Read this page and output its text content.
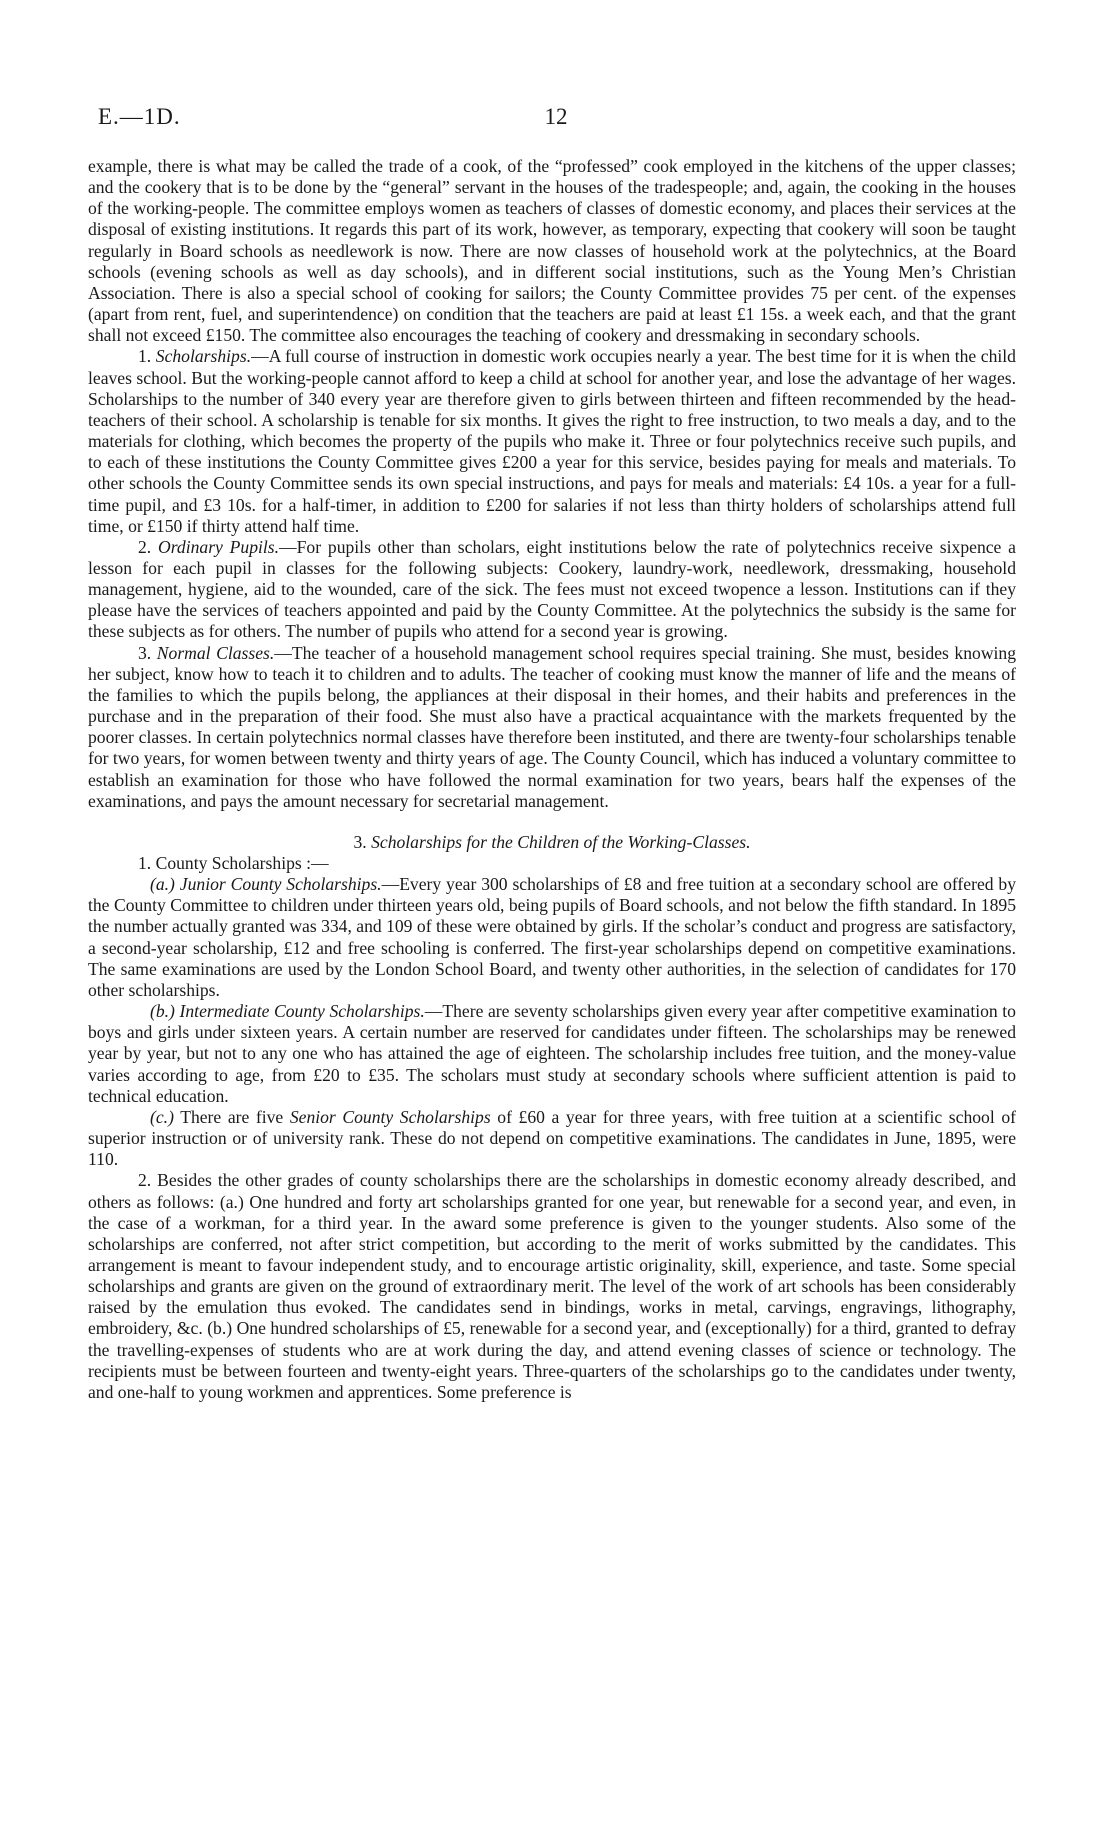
E.—1D.	12

example, there is what may be called the trade of a cook, of the “professed” cook employed in the kitchens of the upper classes; and the cookery that is to be done by the “general” servant in the houses of the tradespeople; and, again, the cooking in the houses of the working-people. The committee employs women as teachers of classes of domestic economy, and places their services at the disposal of existing institutions. It regards this part of its work, however, as temporary, expecting that cookery will soon be taught regularly in Board schools as needlework is now. There are now classes of household work at the polytechnics, at the Board schools (evening schools as well as day schools), and in different social institutions, such as the Young Men’s Christian Association. There is also a special school of cooking for sailors; the County Committee provides 75 per cent. of the expenses (apart from rent, fuel, and superintendence) on condition that the teachers are paid at least £1 15s. a week each, and that the grant shall not exceed £150. The committee also encourages the teaching of cookery and dressmaking in secondary schools.

1. Scholarships.—A full course of instruction in domestic work occupies nearly a year. The best time for it is when the child leaves school. But the working-people cannot afford to keep a child at school for another year, and lose the advantage of her wages. Scholarships to the number of 340 every year are therefore given to girls between thirteen and fifteen recommended by the head-teachers of their school. A scholarship is tenable for six months. It gives the right to free instruction, to two meals a day, and to the materials for clothing, which becomes the property of the pupils who make it. Three or four polytechnics receive such pupils, and to each of these institutions the County Committee gives £200 a year for this service, besides paying for meals and materials. To other schools the County Committee sends its own special instructions, and pays for meals and materials: £4 10s. a year for a full-time pupil, and £3 10s. for a half-timer, in addition to £200 for salaries if not less than thirty holders of scholarships attend full time, or £150 if thirty attend half time.

2. Ordinary Pupils.—For pupils other than scholars, eight institutions below the rate of polytechnics receive sixpence a lesson for each pupil in classes for the following subjects: Cookery, laundry-work, needlework, dressmaking, household management, hygiene, aid to the wounded, care of the sick. The fees must not exceed twopence a lesson. Institutions can if they please have the services of teachers appointed and paid by the County Committee. At the polytechnics the subsidy is the same for these subjects as for others. The number of pupils who attend for a second year is growing.

3. Normal Classes.—The teacher of a household management school requires special training. She must, besides knowing her subject, know how to teach it to children and to adults. The teacher of cooking must know the manner of life and the means of the families to which the pupils belong, the appliances at their disposal in their homes, and their habits and preferences in the purchase and in the preparation of their food. She must also have a practical acquaintance with the markets frequented by the poorer classes. In certain polytechnics normal classes have therefore been instituted, and there are twenty-four scholarships tenable for two years, for women between twenty and thirty years of age. The County Council, which has induced a voluntary committee to establish an examination for those who have followed the normal examination for two years, bears half the expenses of the examinations, and pays the amount necessary for secretarial management.

3. Scholarships for the Children of the Working-Classes.

1. County Scholarships :—

(a.) Junior County Scholarships.—Every year 300 scholarships of £8 and free tuition at a secondary school are offered by the County Committee to children under thirteen years old, being pupils of Board schools, and not below the fifth standard. In 1895 the number actually granted was 334, and 109 of these were obtained by girls. If the scholar’s conduct and progress are satisfactory, a second-year scholarship, £12 and free schooling is conferred. The first-year scholarships depend on competitive examinations. The same examinations are used by the London School Board, and twenty other authorities, in the selection of candidates for 170 other scholarships.

(b.) Intermediate County Scholarships.—There are seventy scholarships given every year after competitive examination to boys and girls under sixteen years. A certain number are reserved for candidates under fifteen. The scholarships may be renewed year by year, but not to any one who has attained the age of eighteen. The scholarship includes free tuition, and the money-value varies according to age, from £20 to £35. The scholars must study at secondary schools where sufficient attention is paid to technical education.

(c.) There are five Senior County Scholarships of £60 a year for three years, with free tuition at a scientific school of superior instruction or of university rank. These do not depend on competitive examinations. The candidates in June, 1895, were 110.

2. Besides the other grades of county scholarships there are the scholarships in domestic economy already described, and others as follows: (a.) One hundred and forty art scholarships granted for one year, but renewable for a second year, and even, in the case of a workman, for a third year. In the award some preference is given to the younger students. Also some of the scholarships are conferred, not after strict competition, but according to the merit of works submitted by the candidates. This arrangement is meant to favour independent study, and to encourage artistic originality, skill, experience, and taste. Some special scholarships and grants are given on the ground of extraordinary merit. The level of the work of art schools has been considerably raised by the emulation thus evoked. The candidates send in bindings, works in metal, carvings, engravings, lithography, embroidery, &c. (b.) One hundred scholarships of £5, renewable for a second year, and (exceptionally) for a third, granted to defray the travelling-expenses of students who are at work during the day, and attend evening classes of science or technology. The recipients must be between fourteen and twenty-eight years. Three-quarters of the scholarships go to the candidates under twenty, and one-half to young workmen and apprentices. Some preference is
